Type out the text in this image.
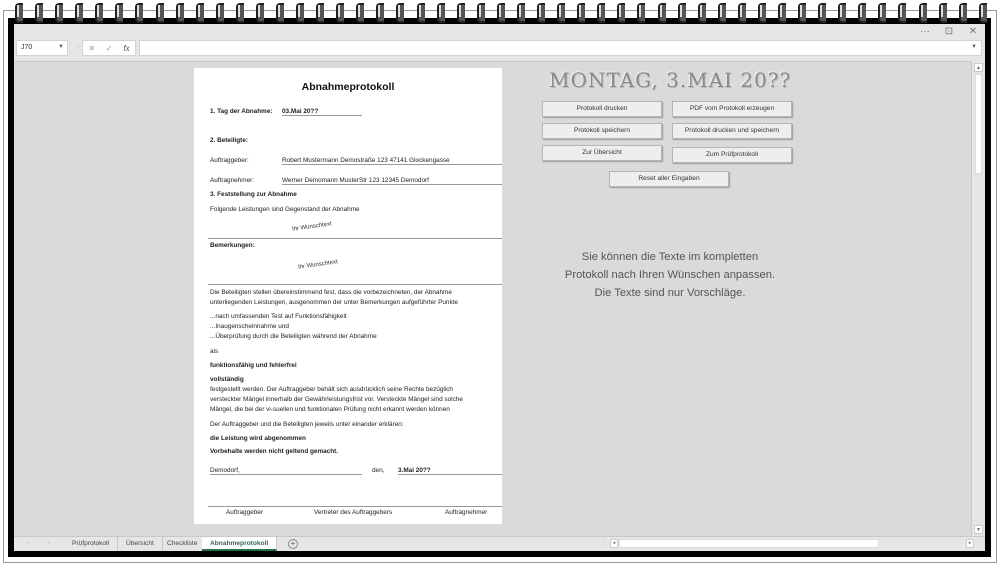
··· ⊡ ✕
J70	▼ ⋮ ✕ ✓ fx	▼
Abnahmeprotokoll
1. Tag der Abnahme: 03.Mai 20??
2. Beteiligte:
Auftraggeber:	Robert Mustermann Demostraße 123 47141 Glockengasse
Auftragnehmer:	Werner Demomann MusterStr 123 12345 Demodorf
3. Feststellung zur Abnahme
Folgende Leistungen sind Gegenstand der Abnahme
Ihr Wunschtext
Bemerkungen:
Ihr Wunschtext
Die Beteiligten stellen übereinstimmend fest, dass die vorbezeichneten, der Abnahme
unterliegenden Leistungen, ausgenommen der unter Bemerkungen aufgeführter Punkte
...nach umfassenden Test auf Funktionsfähigkeit
...Inaugenscheinnahme und
...Überprüfung durch die Beteiligten während der Abnahme
als
funktionsfähig und fehlerfrei
vollständig
festgestellt werden. Der Auftraggeber behält sich ausdrücklich seine Rechte bezüglich
versteckter Mängel innerhalb der Gewährleistungsfrist vor. Versteckte Mängel sind solche
Mängel, die bei der vi-suellen und funktionalen Prüfung nicht erkannt werden können
Der Auftraggeber und die Beteiligten jeweils unter einander erklären:
die Leistung wird abgenommen
Vorbehalte werden nicht geltend gemacht.
Demodorf,	den, 3.Mai 20??
Auftraggeber	Vertreter des Auftraggebers	Auftragnehmer
MONTAG, 3.MAI 20??
Protokoll drucken	PDF vom Protokoll erzeugen
Protokoll speichern	Protokoll drucken und speichern
Zur Übersicht	Zum Prüfprotokoll
Reset aller Eingaben
Sie können die Texte im kompletten
Protokoll nach Ihren Wünschen anpassen.
Die Texte sind nur Vorschläge.
▲
▼
‹ ›	Prüfprotokoll	Übersicht	Checkliste	Abnahmeprotokoll	+	⋮	◂	▸
